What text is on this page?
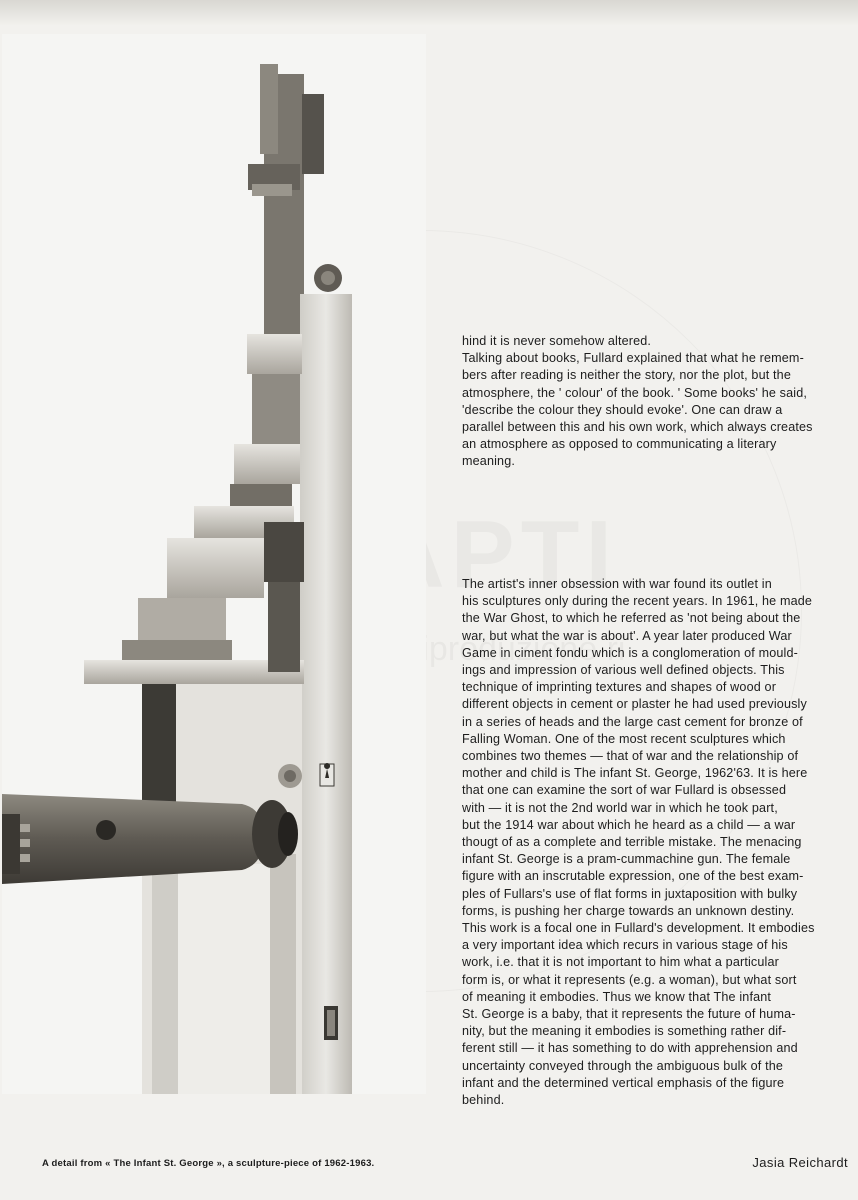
hind it is never somehow altered.
Talking about books, Fullard explained that what he remem-
bers after reading is neither the story, nor the plot, but the
atmosphere, the ' colour' of the book. ' Some books' he said,
'describe the colour they should evoke'. One can draw a
parallel between this and his own work, which always creates
an atmosphere as opposed to communicating a literary
meaning.

The artist's inner obsession with war found its outlet in
his sculptures only during the recent years. In 1961, he made
the War Ghost, to which he referred as 'not being about the
war, but what the war is about'. A year later produced War
Game in ciment fondu which is a conglomeration of mould-
ings and impression of various well defined objects. This
technique of imprinting textures and shapes of wood or
different objects in cement or plaster he had used previously
in a series of heads and the large cast cement for bronze of
Falling Woman. One of the most recent sculptures which
combines two themes — that of war and the relationship of
mother and child is The infant St. George, 1962'63. It is here
that one can examine the sort of war Fullard is obsessed
with — it is not the 2nd world war in which he took part,
but the 1914 war about which he heard as a child — a war
thougt of as a complete and terrible mistake. The menacing
infant St. George is a pram-cummachine gun. The female
figure with an inscrutable expression, one of the best exam-
ples of Fullars's use of flat forms in juxtaposition with bulky
forms, is pushing her charge towards an unknown destiny.
This work is a focal one in Fullard's development. It embodies
a very important idea which recurs in various stage of his
work, i.e. that it is not important to him what a particular
form is, or what it represents (e.g. a woman), but what sort
of meaning it embodies. Thus we know that The infant
St. George is a baby, that it represents the future of huma-
nity, but the meaning it embodies is something rather dif-
ferent still — it has something to do with apprehension and
uncertainty conveyed through the ambiguous bulk of the
infant and the determined vertical emphasis of the figure
behind.

A detail from « The Infant St. George », a sculpture-piece of 1962-1963.	Jasia Reichardt
